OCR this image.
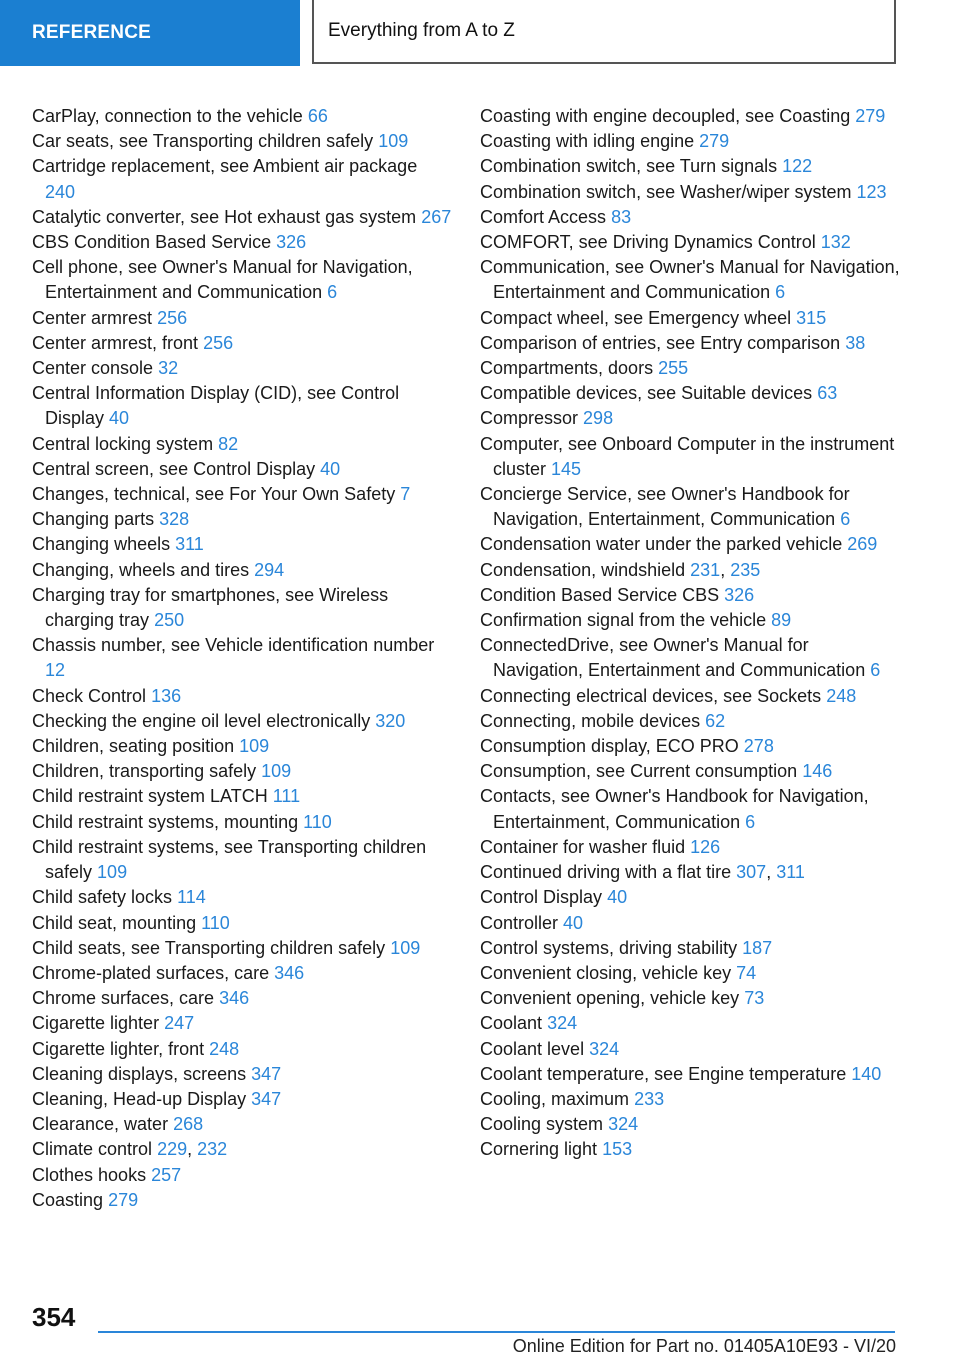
REFERENCE	Everything from A to Z
CarPlay, connection to the vehicle 66
Car seats, see Transporting children safely 109
Cartridge replacement, see Ambient air package 240
Catalytic converter, see Hot exhaust gas system 267
CBS Condition Based Service 326
Cell phone, see Owner's Manual for Navigation, Entertainment and Communication 6
Center armrest 256
Center armrest, front 256
Center console 32
Central Information Display (CID), see Control Display 40
Central locking system 82
Central screen, see Control Display 40
Changes, technical, see For Your Own Safety 7
Changing parts 328
Changing wheels 311
Changing, wheels and tires 294
Charging tray for smartphones, see Wireless charging tray 250
Chassis number, see Vehicle identification number 12
Check Control 136
Checking the engine oil level electronically 320
Children, seating position 109
Children, transporting safely 109
Child restraint system LATCH 111
Child restraint systems, mounting 110
Child restraint systems, see Transporting children safely 109
Child safety locks 114
Child seat, mounting 110
Child seats, see Transporting children safely 109
Chrome-plated surfaces, care 346
Chrome surfaces, care 346
Cigarette lighter 247
Cigarette lighter, front 248
Cleaning displays, screens 347
Cleaning, Head-up Display 347
Clearance, water 268
Climate control 229, 232
Clothes hooks 257
Coasting 279
Coasting with engine decoupled, see Coasting 279
Coasting with idling engine 279
Combination switch, see Turn signals 122
Combination switch, see Washer/wiper system 123
Comfort Access 83
COMFORT, see Driving Dynamics Control 132
Communication, see Owner's Manual for Navigation, Entertainment and Communication 6
Compact wheel, see Emergency wheel 315
Comparison of entries, see Entry comparison 38
Compartments, doors 255
Compatible devices, see Suitable devices 63
Compressor 298
Computer, see Onboard Computer in the instrument cluster 145
Concierge Service, see Owner's Handbook for Navigation, Entertainment, Communication 6
Condensation water under the parked vehicle 269
Condensation, windshield 231, 235
Condition Based Service CBS 326
Confirmation signal from the vehicle 89
ConnectedDrive, see Owner's Manual for Navigation, Entertainment and Communication 6
Connecting electrical devices, see Sockets 248
Connecting, mobile devices 62
Consumption display, ECO PRO 278
Consumption, see Current consumption 146
Contacts, see Owner's Handbook for Navigation, Entertainment, Communication 6
Container for washer fluid 126
Continued driving with a flat tire 307, 311
Control Display 40
Controller 40
Control systems, driving stability 187
Convenient closing, vehicle key 74
Convenient opening, vehicle key 73
Coolant 324
Coolant level 324
Coolant temperature, see Engine temperature 140
Cooling, maximum 233
Cooling system 324
Cornering light 153
354
Online Edition for Part no. 01405A10E93 - VI/20
